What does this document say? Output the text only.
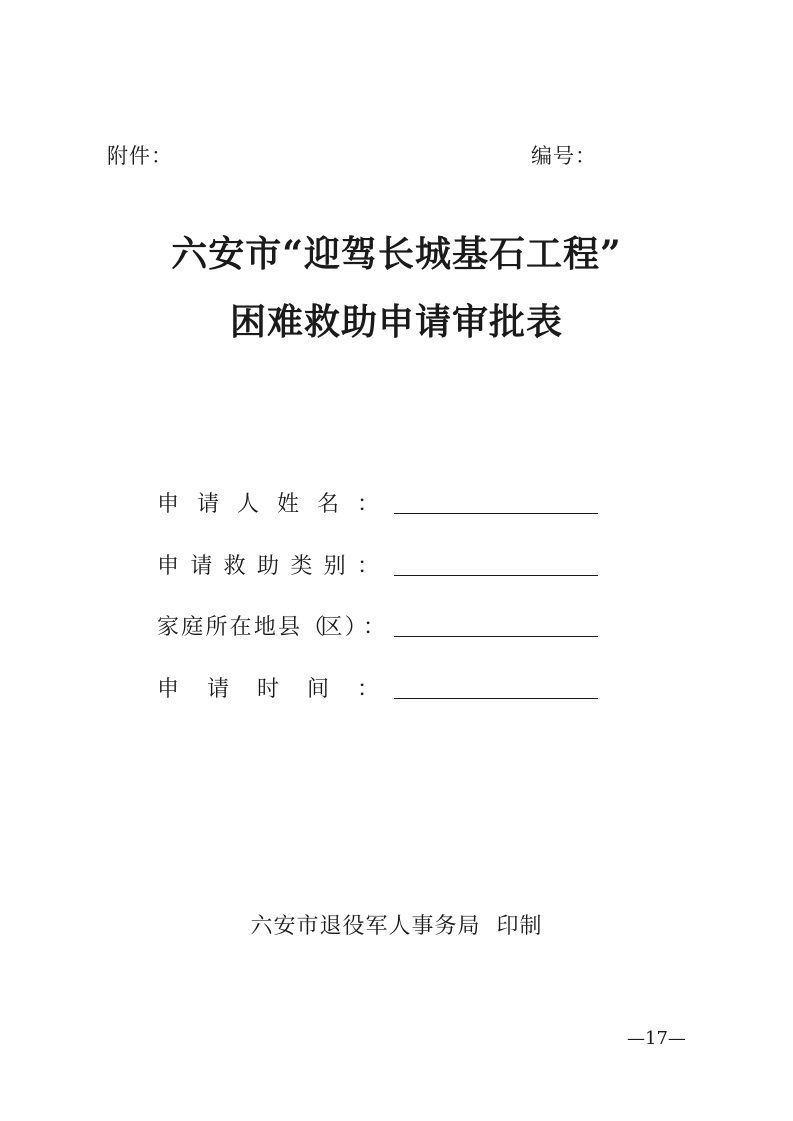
附件：	编号：
六安市“迎驾长城基石工程”
困难救助申请审批表
申 请 人 姓 名 ：
申 请 救 助 类 别 ：
家 庭 所 在 地 县 （
区 ）
：
申 请 时 间 ：
六安市退役军人事务局 印制
—17—
